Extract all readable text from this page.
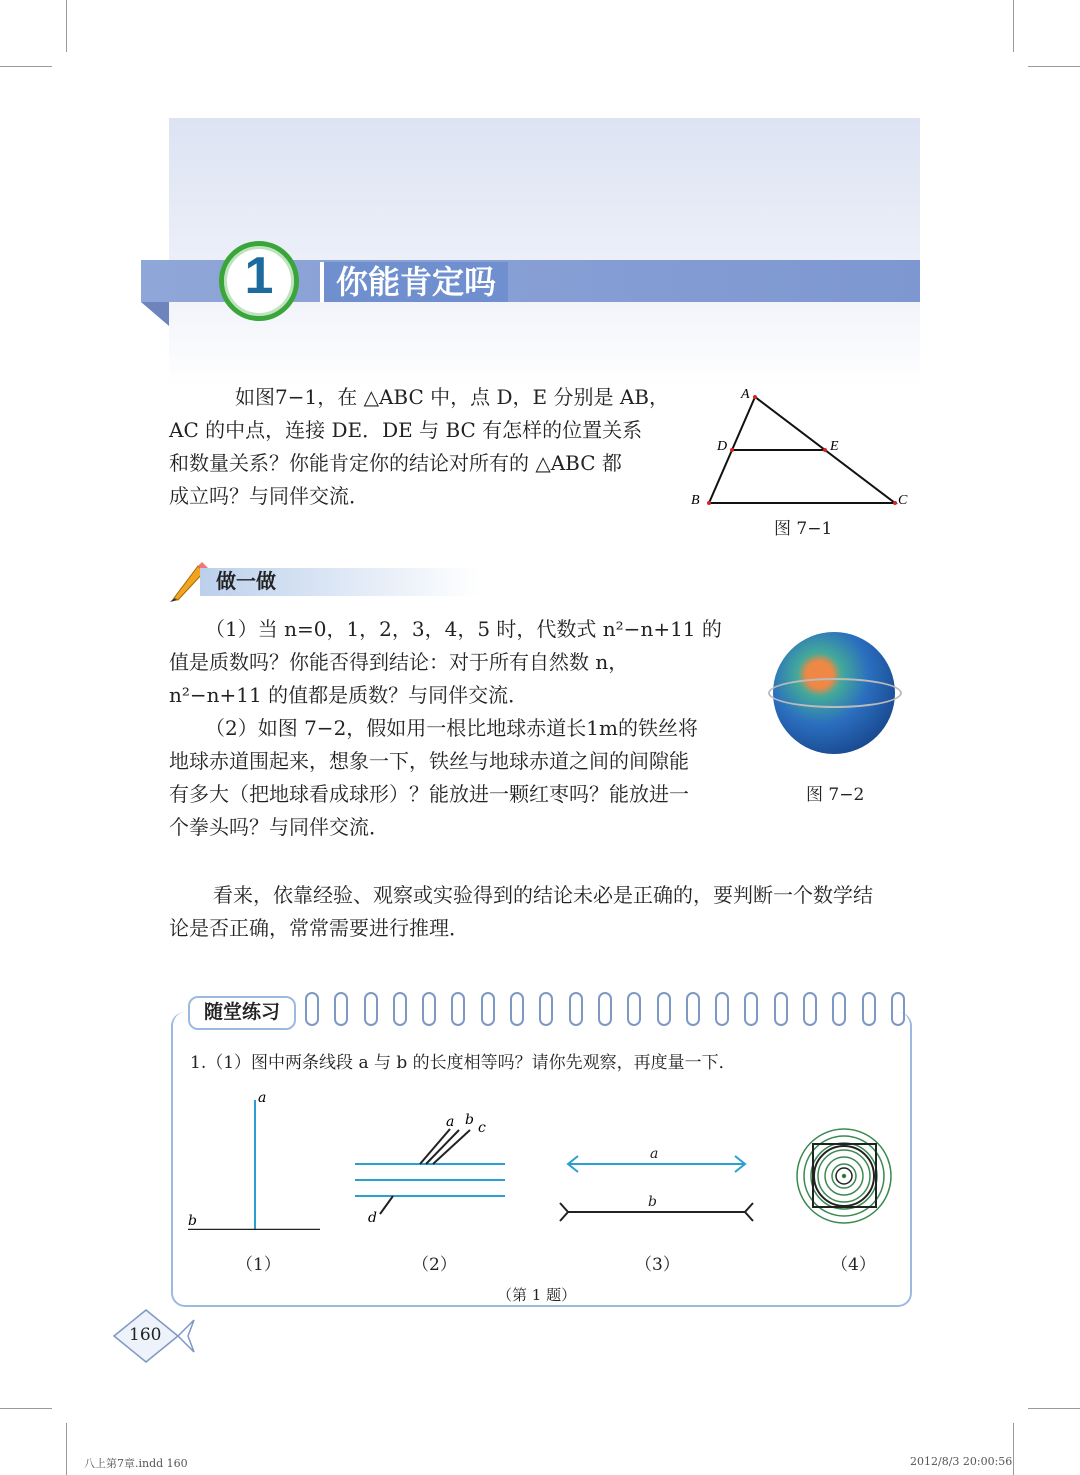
1	你能肯定吗
如图7−1，在 △ABC 中，点 D，E 分别是 AB，
AC 的中点，连接 DE．DE 与 BC 有怎样的位置关系
和数量关系？你能肯定你的结论对所有的 △ABC 都
成立吗？与同伴交流．
A
B	C
D	E
图 7−1
做一做
（1）当 n=0，1，2，3，4，5 时，代数式 n²−n+11 的
值是质数吗？你能否得到结论：对于所有自然数 n，
n²−n+11 的值都是质数？与同伴交流．
（2）如图 7−2，假如用一根比地球赤道长1m的铁丝将
地球赤道围起来，想象一下，铁丝与地球赤道之间的间隙能
有多大（把地球看成球形）？能放进一颗红枣吗？能放进一
个拳头吗？与同伴交流．
图 7−2
看来，依靠经验、观察或实验得到的结论未必是正确的，要判断一个数学结
论是否正确，常常需要进行推理．
随堂练习
1.（1）图中两条线段 a 与 b 的长度相等吗？请你先观察，再度量一下．
a
b
a b c
d
a
b
（1）	（2）	（3）	（4）
（第 1 题）
160
八上第7章.indd 160	2012/8/3 20:00:56
